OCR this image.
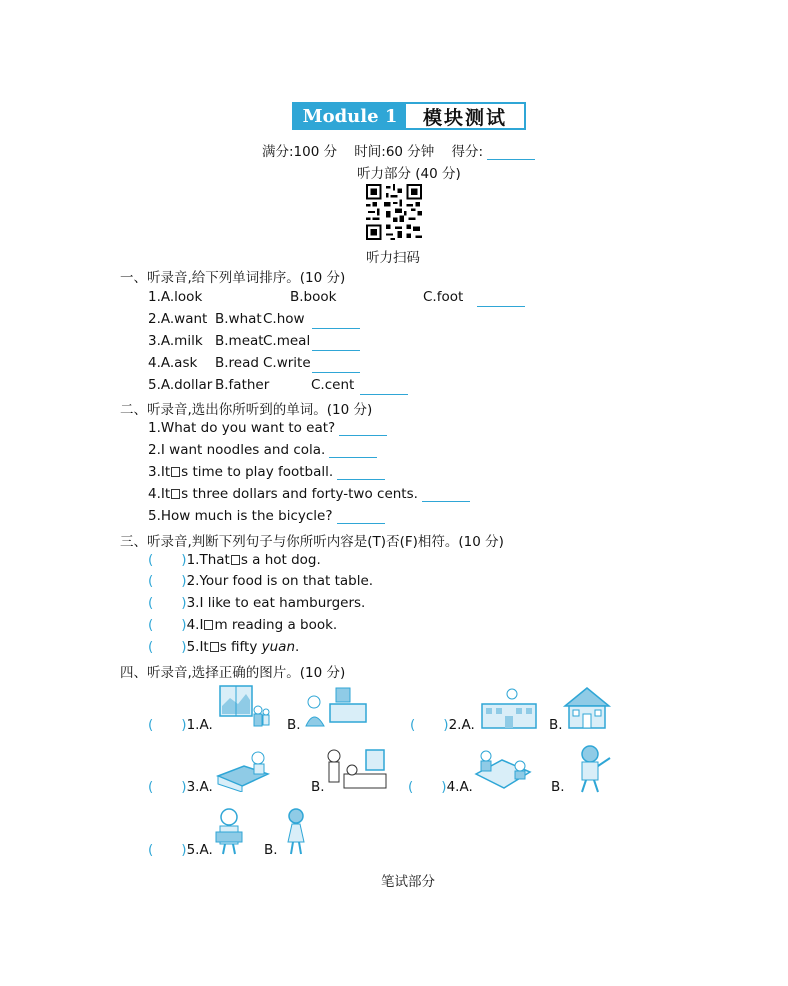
Module 1	模块测试
满分:100 分 时间:60 分钟 得分:
听力部分 (40 分)
听力扫码
一、听录音,给下列单词排序。(10 分)
1.A.look	B.book	C.foot
2.A.want B.what C.how
3.A.milk B.meat C.meal
4.A.ask B.read C.write
5.A.dollar B.father	C.cent
二、听录音,选出你所听到的单词。(10 分)
1.What do you want to eat?
2.I want noodles and cola.
3.It s time to play football.
4.It s three dollars and forty-two cents.
5.How much is the bicycle?
三、听录音,判断下列句子与你所听内容是(T)否(F)相符。(10 分)
( )1.That s a hot dog.
( )2.Your food is on that table.
( )3.I like to eat hamburgers.
( )4.I m reading a book.
( )5.It s fifty yuan.
四、听录音,选择正确的图片。(10 分)
( )1.A.	B.	( )2.A.	B.
( )3.A.	B.	( )4.A.	B.
( )5.A.	B.
笔试部分
